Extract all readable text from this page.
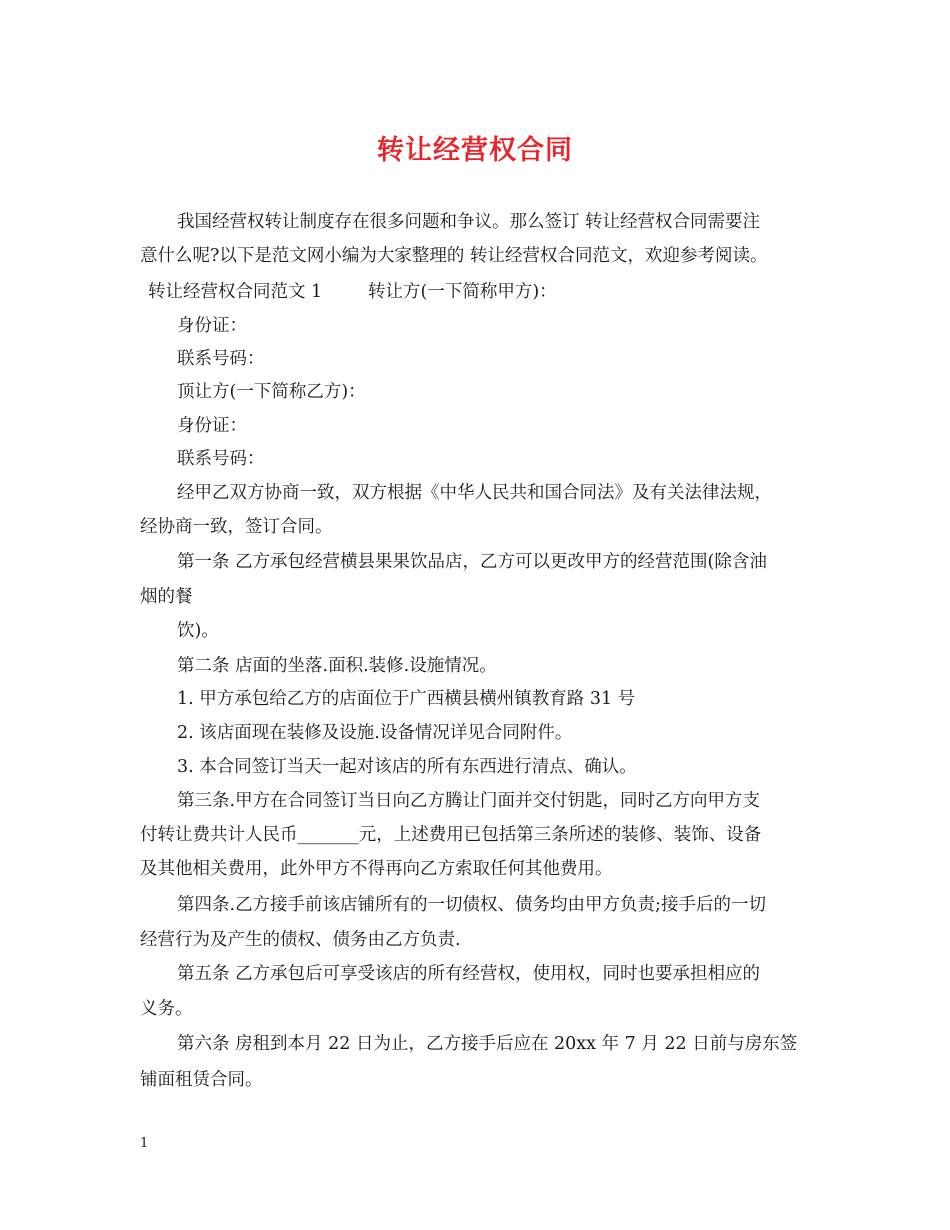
转让经营权合同
我国经营权转让制度存在很多问题和争议。那么签订 转让经营权合同需要注
意什么呢?以下是范文网小编为大家整理的 转让经营权合同范文，欢迎参考阅读。
转让经营权合同范文 1	转让方(一下简称甲方)：
身份证：
联系号码：
顶让方(一下简称乙方)：
身份证：
联系号码：
经甲乙双方协商一致，双方根据《中华人民共和国合同法》及有关法律法规，
经协商一致，签订合同。
第一条 乙方承包经营横县果果饮品店，乙方可以更改甲方的经营范围(除含油
烟的餐
饮)。
第二条 店面的坐落.面积.装修.设施情况。
1. 甲方承包给乙方的店面位于广西横县横州镇教育路 31 号
2. 该店面现在装修及设施.设备情况详见合同附件。
3. 本合同签订当天一起对该店的所有东西进行清点、确认。
第三条.甲方在合同签订当日向乙方腾让门面并交付钥匙，同时乙方向甲方支
付转让费共计人民币_______元，上述费用已包括第三条所述的装修、装饰、设备
及其他相关费用，此外甲方不得再向乙方索取任何其他费用。
第四条.乙方接手前该店铺所有的一切债权、债务均由甲方负责;接手后的一切
经营行为及产生的债权、债务由乙方负责.
第五条 乙方承包后可享受该店的所有经营权，使用权，同时也要承担相应的
义务。
第六条 房租到本月 22 日为止，乙方接手后应在 20xx 年 7 月 22 日前与房东签
铺面租赁合同。
1
